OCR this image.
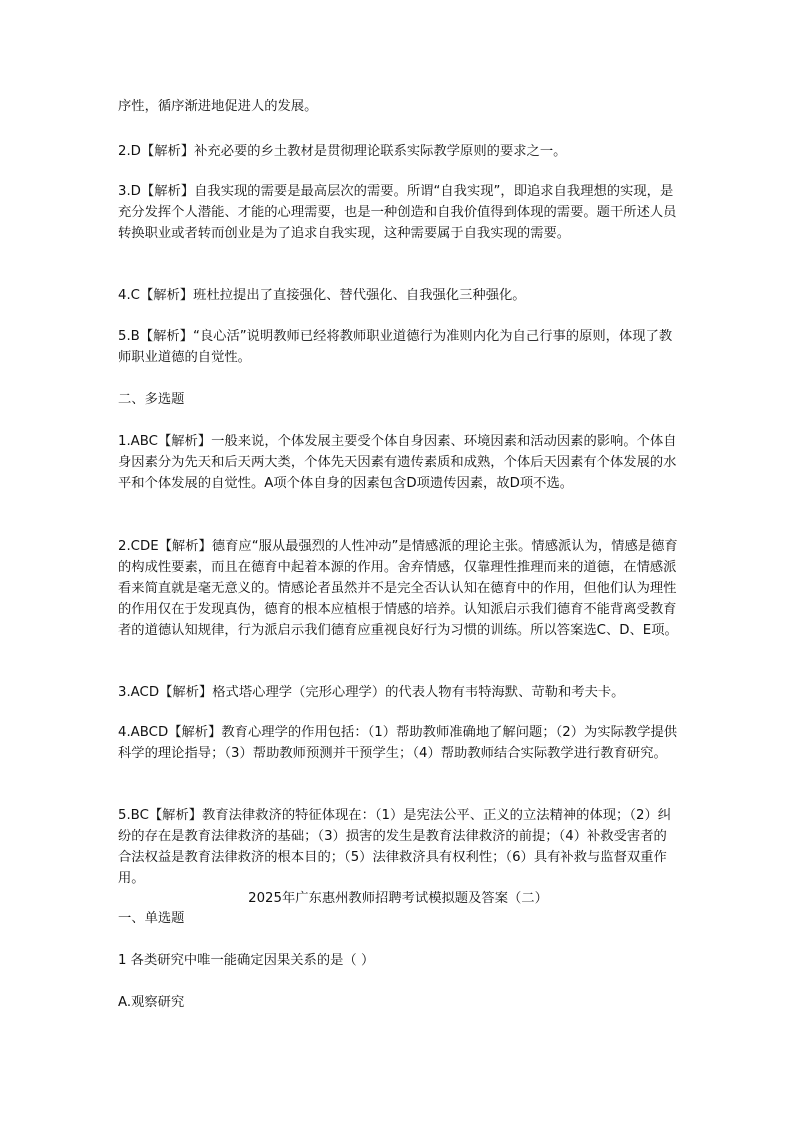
序性，循序渐进地促进人的发展。

2.D【解析】补充必要的乡土教材是贯彻理论联系实际教学原则的要求之一。

3.D【解析】自我实现的需要是最高层次的需要。所谓“自我实现”，即追求自我理想的实现，是充分发挥个人潜能、才能的心理需要，也是一种创造和自我价值得到体现的需要。题干所述人员转换职业或者转而创业是为了追求自我实现，这种需要属于自我实现的需要。

4.C【解析】班杜拉提出了直接强化、替代强化、自我强化三种强化。

5.B【解析】“良心活”说明教师已经将教师职业道德行为准则内化为自己行事的原则，体现了教师职业道德的自觉性。

二、多选题

1.ABC【解析】一般来说，个体发展主要受个体自身因素、环境因素和活动因素的影响。个体自身因素分为先天和后天两大类，个体先天因素有遗传素质和成熟，个体后天因素有个体发展的水平和个体发展的自觉性。A项个体自身的因素包含D项遗传因素，故D项不选。

2.CDE【解析】德育应“服从最强烈的人性冲动”是情感派的理论主张。情感派认为，情感是德育的构成性要素，而且在德育中起着本源的作用。舍弃情感，仅靠理性推理而来的道德，在情感派看来简直就是毫无意义的。情感论者虽然并不是完全否认认知在德育中的作用，但他们认为理性的作用仅在于发现真伪，德育的根本应植根于情感的培养。认知派启示我们德育不能背离受教育者的道德认知规律，行为派启示我们德育应重视良好行为习惯的训练。所以答案选C、D、E项。

3.ACD【解析】格式塔心理学（完形心理学）的代表人物有韦特海默、苛勒和考夫卡。

4.ABCD【解析】教育心理学的作用包括：（1）帮助教师准确地了解问题；（2）为实际教学提供科学的理论指导；（3）帮助教师预测并干预学生；（4）帮助教师结合实际教学进行教育研究。

5.BC【解析】教育法律救济的特征体现在：（1）是宪法公平、正义的立法精神的体现；（2）纠纷的存在是教育法律救济的基础；（3）损害的发生是教育法律救济的前提；（4）补救受害者的合法权益是教育法律救济的根本目的；（5）法律救济具有权利性；（6）具有补救与监督双重作用。

2025年广东惠州教师招聘考试模拟题及答案（二）

一、单选题

1 各类研究中唯一能确定因果关系的是（ ）

A.观察研究
